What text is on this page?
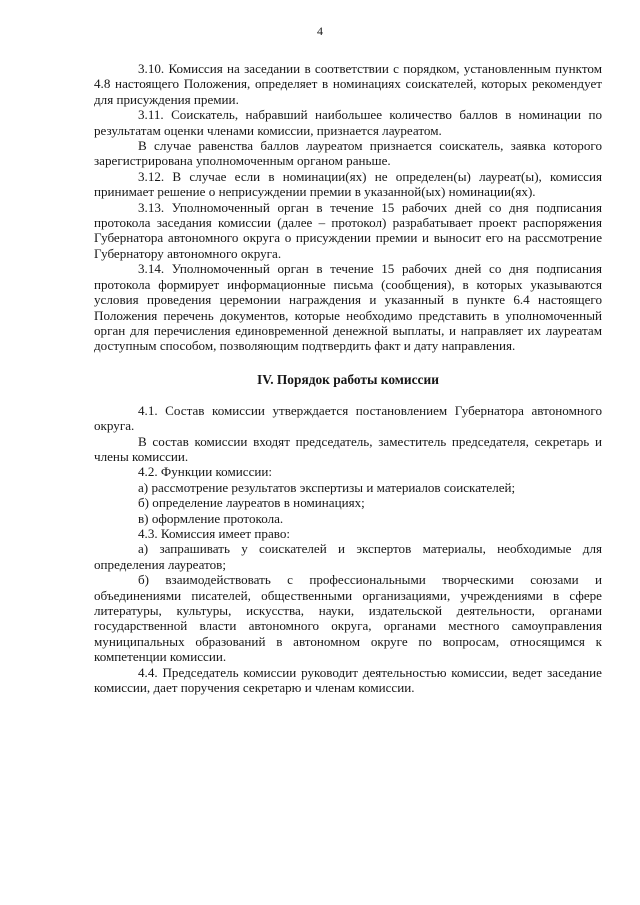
4

3.10. Комиссия на заседании в соответствии с порядком, установленным пунктом 4.8 настоящего Положения, определяет в номинациях соискателей, которых рекомендует для присуждения премии.

3.11. Соискатель, набравший наибольшее количество баллов в номинации по результатам оценки членами комиссии, признается лауреатом.

В случае равенства баллов лауреатом признается соискатель, заявка которого зарегистрирована уполномоченным органом раньше.

3.12. В случае если в номинации(ях) не определен(ы) лауреат(ы), комиссия принимает решение о неприсуждении премии в указанной(ых) номинации(ях).

3.13. Уполномоченный орган в течение 15 рабочих дней со дня подписания протокола заседания комиссии (далее – протокол) разрабатывает проект распоряжения Губернатора автономного округа о присуждении премии и выносит его на рассмотрение Губернатору автономного округа.

3.14. Уполномоченный орган в течение 15 рабочих дней со дня подписания протокола формирует информационные письма (сообщения), в которых указываются условия проведения церемонии награждения и указанный в пункте 6.4 настоящего Положения перечень документов, которые необходимо представить в уполномоченный орган для перечисления единовременной денежной выплаты, и направляет их лауреатам доступным способом, позволяющим подтвердить факт и дату направления.

IV. Порядок работы комиссии

4.1. Состав комиссии утверждается постановлением Губернатора автономного округа.

В состав комиссии входят председатель, заместитель председателя, секретарь и члены комиссии.

4.2. Функции комиссии:

а) рассмотрение результатов экспертизы и материалов соискателей;

б) определение лауреатов в номинациях;

в) оформление протокола.

4.3. Комиссия имеет право:

а) запрашивать у соискателей и экспертов материалы, необходимые для определения лауреатов;

б) взаимодействовать с профессиональными творческими союзами и объединениями писателей, общественными организациями, учреждениями в сфере литературы, культуры, искусства, науки, издательской деятельности, органами государственной власти автономного округа, органами местного самоуправления муниципальных образований в автономном округе по вопросам, относящимся к компетенции комиссии.

4.4. Председатель комиссии руководит деятельностью комиссии, ведет заседание комиссии, дает поручения секретарю и членам комиссии.
